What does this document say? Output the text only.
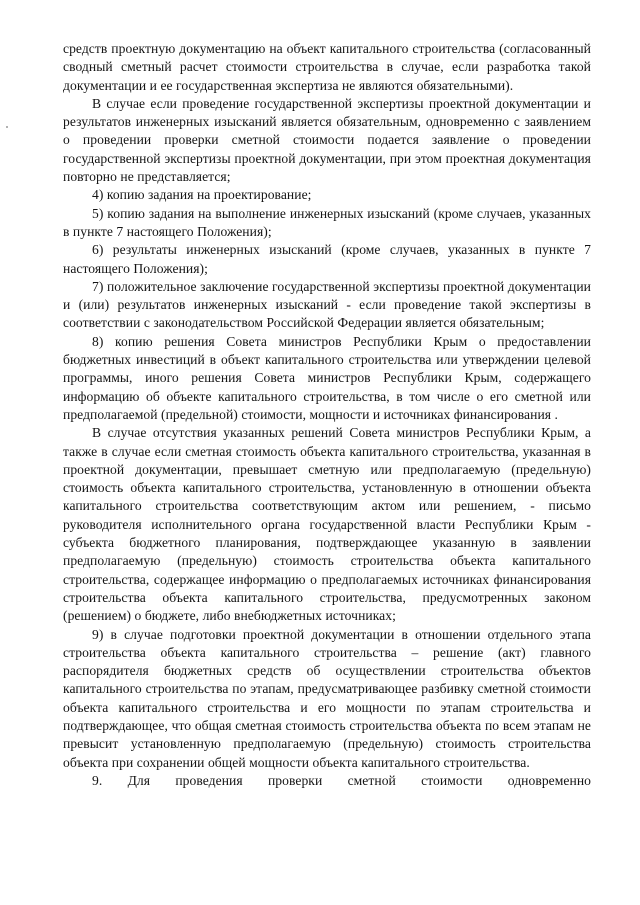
средств проектную документацию на объект капитального строительства (согласованный сводный сметный расчет стоимости строительства в случае, если разработка такой документации и ее государственная экспертиза не являются обязательными).

В случае если проведение государственной экспертизы проектной документации и результатов инженерных изысканий является обязательным, одновременно с заявлением о проведении проверки сметной стоимости подается заявление о проведении государственной экспертизы проектной документации, при этом проектная документация повторно не представляется;

4) копию задания на проектирование;

5) копию задания на выполнение инженерных изысканий (кроме случаев, указанных в пункте 7 настоящего Положения);

6) результаты инженерных изысканий (кроме случаев, указанных в пункте 7 настоящего Положения);

7) положительное заключение государственной экспертизы проектной документации и (или) результатов инженерных изысканий - если проведение такой экспертизы в соответствии с законодательством Российской Федерации является обязательным;

8) копию решения Совета министров Республики Крым о предоставлении бюджетных инвестиций в объект капитального строительства или утверждении целевой программы, иного решения Совета министров Республики Крым, содержащего информацию об объекте капитального строительства, в том числе о его сметной или предполагаемой (предельной) стоимости, мощности и источниках финансирования .

В случае отсутствия указанных решений Совета министров Республики Крым, а также в случае если сметная стоимость объекта капитального строительства, указанная в проектной документации, превышает сметную или предполагаемую (предельную) стоимость объекта капитального строительства, установленную в отношении объекта капитального строительства соответствующим актом или решением, - письмо руководителя исполнительного органа государственной власти Республики Крым - субъекта бюджетного планирования, подтверждающее указанную в заявлении предполагаемую (предельную) стоимость строительства объекта капитального строительства, содержащее информацию о предполагаемых источниках финансирования строительства объекта капитального строительства, предусмотренных законом (решением) о бюджете, либо внебюджетных источниках;

9) в случае подготовки проектной документации в отношении отдельного этапа строительства объекта капитального строительства – решение (акт) главного распорядителя бюджетных средств об осуществлении строительства объектов капитального строительства по этапам, предусматривающее разбивку сметной стоимости объекта капитального строительства и его мощности по этапам строительства и подтверждающее, что общая сметная стоимость строительства объекта по всем этапам не превысит установленную предполагаемую (предельную) стоимость строительства объекта при сохранении общей мощности объекта капитального строительства.

9. Для проведения проверки сметной стоимости одновременно
